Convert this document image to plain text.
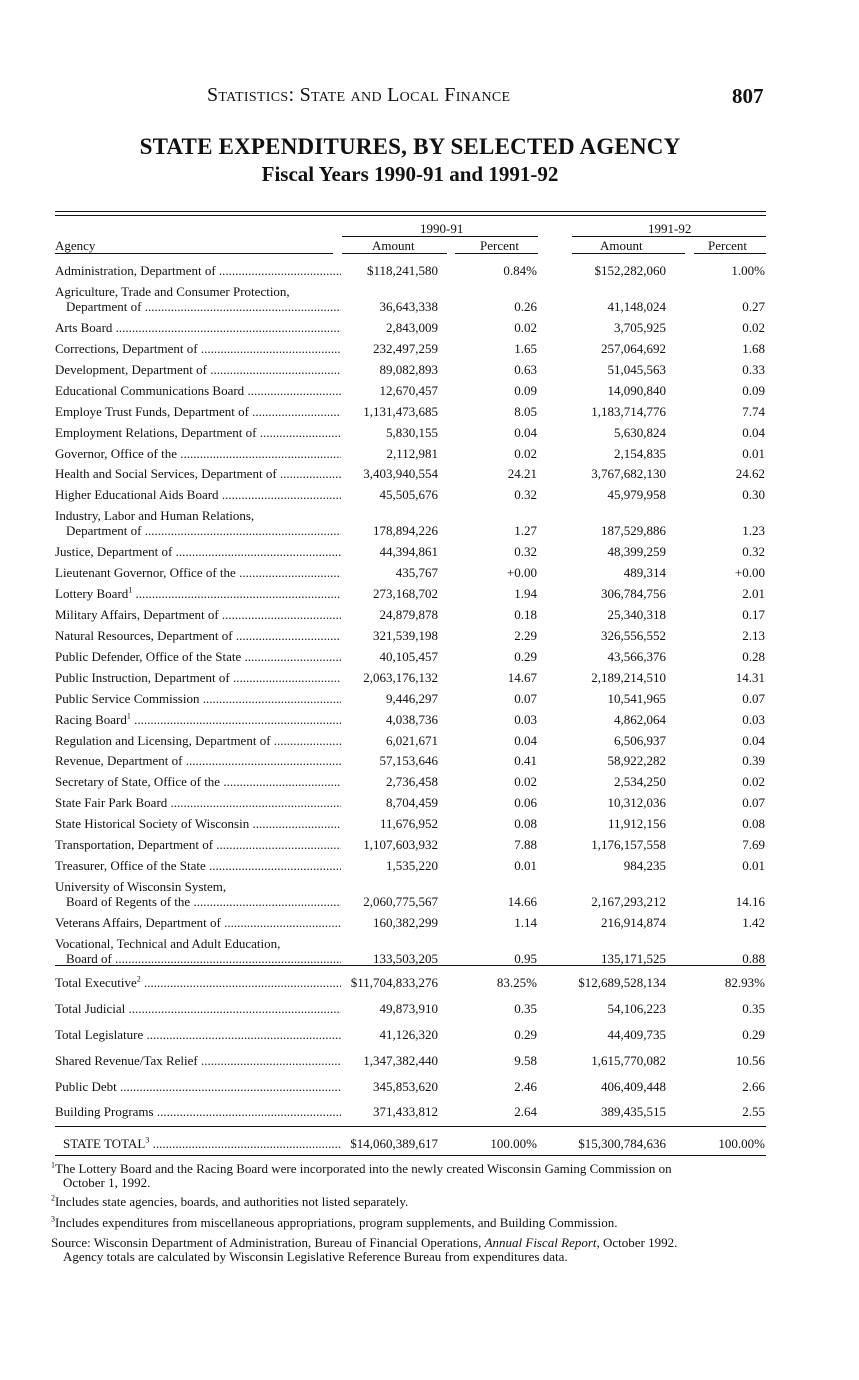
Statistics: State and Local Finance	807
STATE EXPENDITURES, BY SELECTED AGENCY
Fiscal Years 1990-91 and 1991-92
1990-91	1991-92
Agency	Amount	Percent	Amount	Percent
Administration, Department of .....	$118,241,580	0.84%	$152,282,060	1.00%
Agriculture, Trade and Consumer Protection,
Department of .....	36,643,338	0.26	41,148,024	0.27
Arts Board .....	2,843,009	0.02	3,705,925	0.02
Corrections, Department of .....	232,497,259	1.65	257,064,692	1.68
Development, Department of .....	89,082,893	0.63	51,045,563	0.33
Educational Communications Board .....	12,670,457	0.09	14,090,840	0.09
Employe Trust Funds, Department of .....	1,131,473,685	8.05	1,183,714,776	7.74
Employment Relations, Department of .....	5,830,155	0.04	5,630,824	0.04
Governor, Office of the .....	2,112,981	0.02	2,154,835	0.01
Health and Social Services, Department of .....	3,403,940,554	24.21	3,767,682,130	24.62
Higher Educational Aids Board .....	45,505,676	0.32	45,979,958	0.30
Industry, Labor and Human Relations,
Department of .....	178,894,226	1.27	187,529,886	1.23
Justice, Department of .....	44,394,861	0.32	48,399,259	0.32
Lieutenant Governor, Office of the .....	435,767	+0.00	489,314	+0.00
Lottery Board$^1$ .....	273,168,702	1.94	306,784,756	2.01
Military Affairs, Department of .....	24,879,878	0.18	25,340,318	0.17
Natural Resources, Department of .....	321,539,198	2.29	326,556,552	2.13
Public Defender, Office of the State .....	40,105,457	0.29	43,566,376	0.28
Public Instruction, Department of .....	2,063,176,132	14.67	2,189,214,510	14.31
Public Service Commission .....	9,446,297	0.07	10,541,965	0.07
Racing Board$^1$ .....	4,038,736	0.03	4,862,064	0.03
Regulation and Licensing, Department of .....	6,021,671	0.04	6,506,937	0.04
Revenue, Department of .....	57,153,646	0.41	58,922,282	0.39
Secretary of State, Office of the .....	2,736,458	0.02	2,534,250	0.02
State Fair Park Board .....	8,704,459	0.06	10,312,036	0.07
State Historical Society of Wisconsin .....	11,676,952	0.08	11,912,156	0.08
Transportation, Department of .....	1,107,603,932	7.88	1,176,157,558	7.69
Treasurer, Office of the State .....	1,535,220	0.01	984,235	0.01
University of Wisconsin System,
Board of Regents of the .....	2,060,775,567	14.66	2,167,293,212	14.16
Veterans Affairs, Department of .....	160,382,299	1.14	216,914,874	1.42
Vocational, Technical and Adult Education,
Board of .....	133,503,205	0.95	135,171,525	0.88
Total Executive$^2$ .....	$11,704,833,276	83.25%	$12,689,528,134	82.93%
Total Judicial .....	49,873,910	0.35	54,106,223	0.35
Total Legislature .....	41,126,320	0.29	44,409,735	0.29
Shared Revenue/Tax Relief .....	1,347,382,440	9.58	1,615,770,082	10.56
Public Debt .....	345,853,620	2.46	406,409,448	2.66
Building Programs .....	371,433,812	2.64	389,435,515	2.55
STATE TOTAL$^3$ .....	$14,060,389,617	100.00%	$15,300,784,636	100.00%
$^1$The Lottery Board and the Racing Board were incorporated into the newly created Wisconsin Gaming Commission on
October 1, 1992.
$^2$Includes state agencies, boards, and authorities not listed separately.
$^3$Includes expenditures from miscellaneous appropriations, program supplements, and Building Commission.
Source: Wisconsin Department of Administration, Bureau of Financial Operations, Annual Fiscal Report, October 1992.
Agency totals are calculated by Wisconsin Legislative Reference Bureau from expenditures data.
